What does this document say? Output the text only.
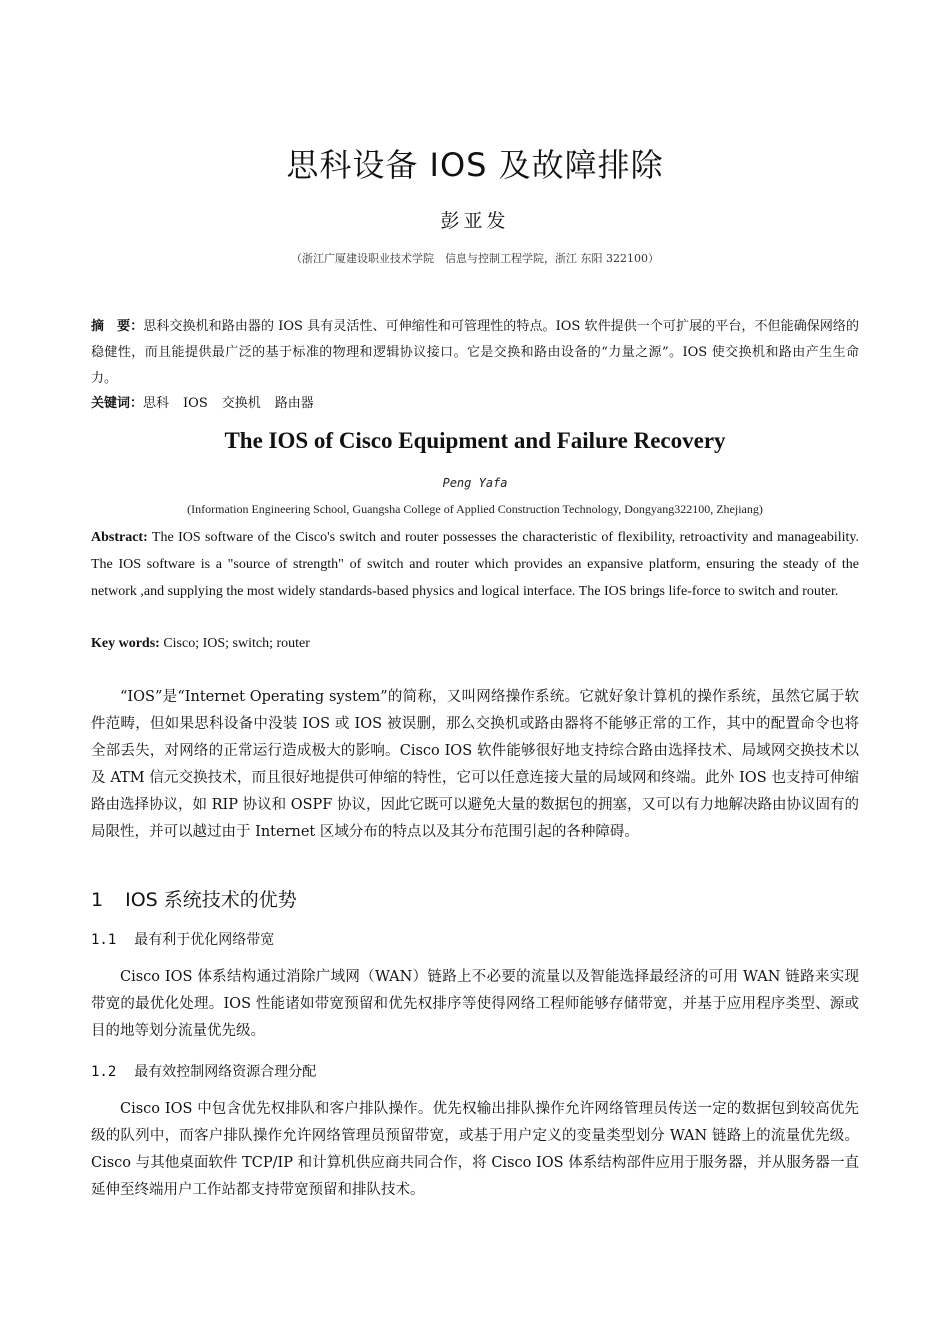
思科设备 IOS 及故障排除
彭亚发
（浙江广厦建设职业技术学院　信息与控制工程学院，浙江 东阳 322100）
摘　要：思科交换机和路由器的 IOS 具有灵活性、可伸缩性和可管理性的特点。IOS 软件提供一个可扩展的平台，不但能确保网络的稳健性，而且能提供最广泛的基于标准的物理和逻辑协议接口。它是交换和路由设备的“力量之源”。IOS 使交换机和路由产生生命力。
关键词：思科 IOS 交换机 路由器
The IOS of Cisco Equipment and Failure Recovery
Peng Yafa
(Information Engineering School, Guangsha College of Applied Construction Technology, Dongyang322100, Zhejiang)
Abstract: The IOS software of the Cisco's switch and router possesses the characteristic of flexibility, retroactivity and manageability. The IOS software is a "source of strength" of switch and router which provides an expansive platform, ensuring the steady of the network ,and supplying the most widely standards-based physics and logical interface. The IOS brings life-force to switch and router.
Key words: Cisco; IOS; switch; router
“IOS”是“Internet Operating system”的简称，又叫网络操作系统。它就好象计算机的操作系统，虽然它属于软件范畴，但如果思科设备中没装 IOS 或 IOS 被误删，那么交换机或路由器将不能够正常的工作，其中的配置命令也将全部丢失，对网络的正常运行造成极大的影响。Cisco IOS 软件能够很好地支持综合路由选择技术、局域网交换技术以及 ATM 信元交换技术，而且很好地提供可伸缩的特性，它可以任意连接大量的局域网和终端。此外 IOS 也支持可伸缩路由选择协议，如 RIP 协议和 OSPF 协议，因此它既可以避免大量的数据包的拥塞，又可以有力地解决路由协议固有的局限性，并可以越过由于 Internet 区域分布的特点以及其分布范围引起的各种障碍。
1 IOS 系统技术的优势
1.1 最有利于优化网络带宽
Cisco IOS 体系结构通过消除广域网（WAN）链路上不必要的流量以及智能选择最经济的可用 WAN 链路来实现带宽的最优化处理。IOS 性能诸如带宽预留和优先权排序等使得网络工程师能够存储带宽，并基于应用程序类型、源或目的地等划分流量优先级。
1.2 最有效控制网络资源合理分配
Cisco IOS 中包含优先权排队和客户排队操作。优先权输出排队操作允许网络管理员传送一定的数据包到较高优先级的队列中，而客户排队操作允许网络管理员预留带宽，或基于用户定义的变量类型划分 WAN 链路上的流量优先级。Cisco 与其他桌面软件 TCP/IP 和计算机供应商共同合作，将 Cisco IOS 体系结构部件应用于服务器，并从服务器一直延伸至终端用户工作站都支持带宽预留和排队技术。
